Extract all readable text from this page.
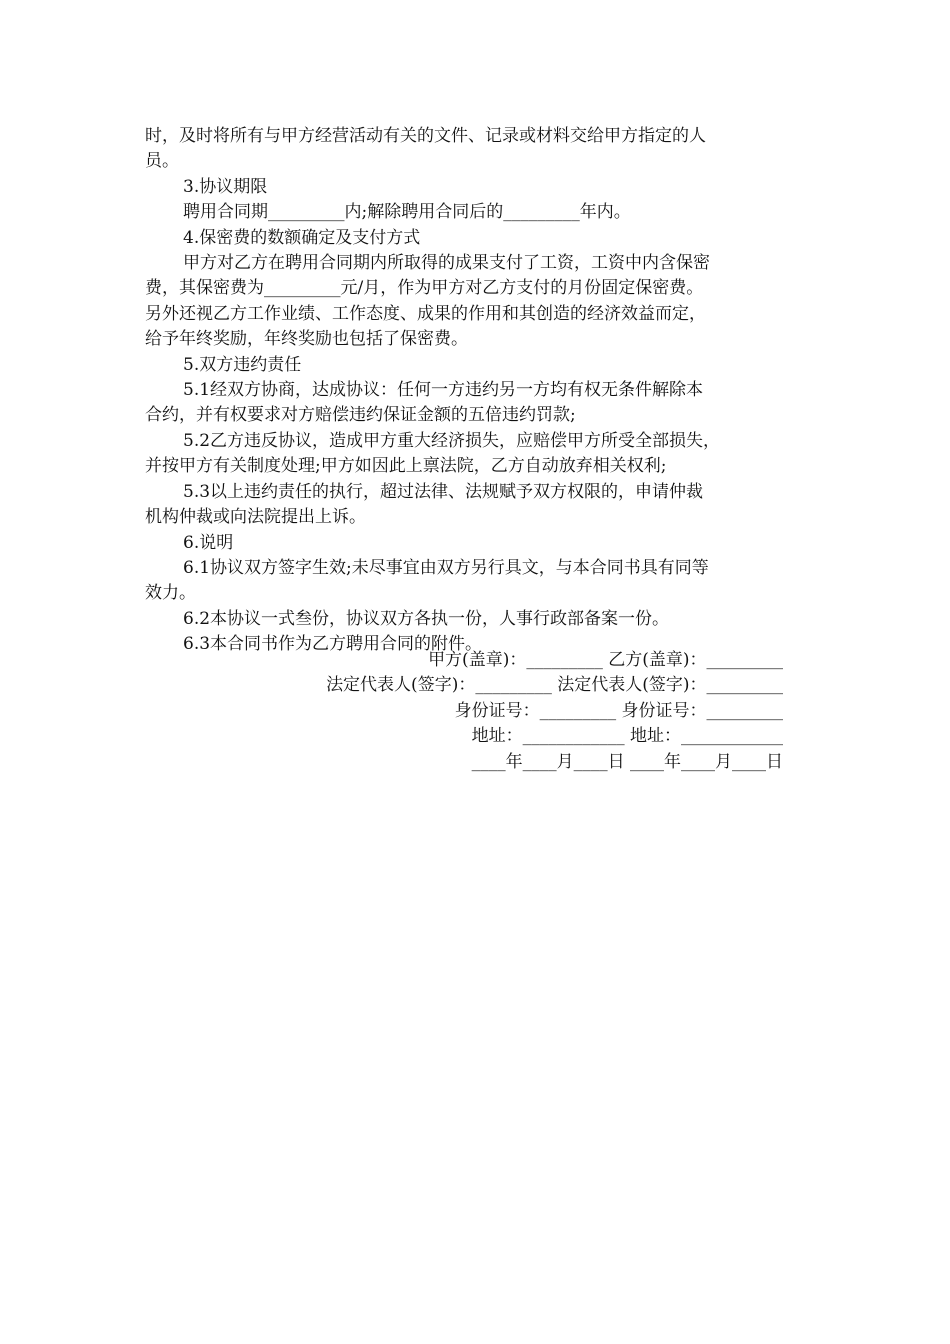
时，及时将所有与甲方经营活动有关的文件、记录或材料交给甲方指定的人

员。

3.协议期限

聘用合同期_________内;解除聘用合同后的_________年内。

4.保密费的数额确定及支付方式

甲方对乙方在聘用合同期内所取得的成果支付了工资，工资中内含保密

费，其保密费为_________元/月，作为甲方对乙方支付的月份固定保密费。

另外还视乙方工作业绩、工作态度、成果的作用和其创造的经济效益而定，

给予年终奖励，年终奖励也包括了保密费。

5.双方违约责任

5.1经双方协商，达成协议：任何一方违约另一方均有权无条件解除本

合约，并有权要求对方赔偿违约保证金额的五倍违约罚款;

5.2乙方违反协议，造成甲方重大经济损失，应赔偿甲方所受全部损失，

并按甲方有关制度处理;甲方如因此上禀法院，乙方自动放弃相关权利;

5.3以上违约责任的执行，超过法律、法规赋予双方权限的，申请仲裁

机构仲裁或向法院提出上诉。

6.说明

6.1协议双方签字生效;未尽事宜由双方另行具文，与本合同书具有同等

效力。

6.2本协议一式叁份，协议双方各执一份，人事行政部备案一份。

6.3本合同书作为乙方聘用合同的附件。

甲方(盖章)：_________ 乙方(盖章)：_________

法定代表人(签字)：_________ 法定代表人(签字)：_________

身份证号：_________ 身份证号：_________

地址：____________ 地址：____________

____年____月____日 ____年____月____日
